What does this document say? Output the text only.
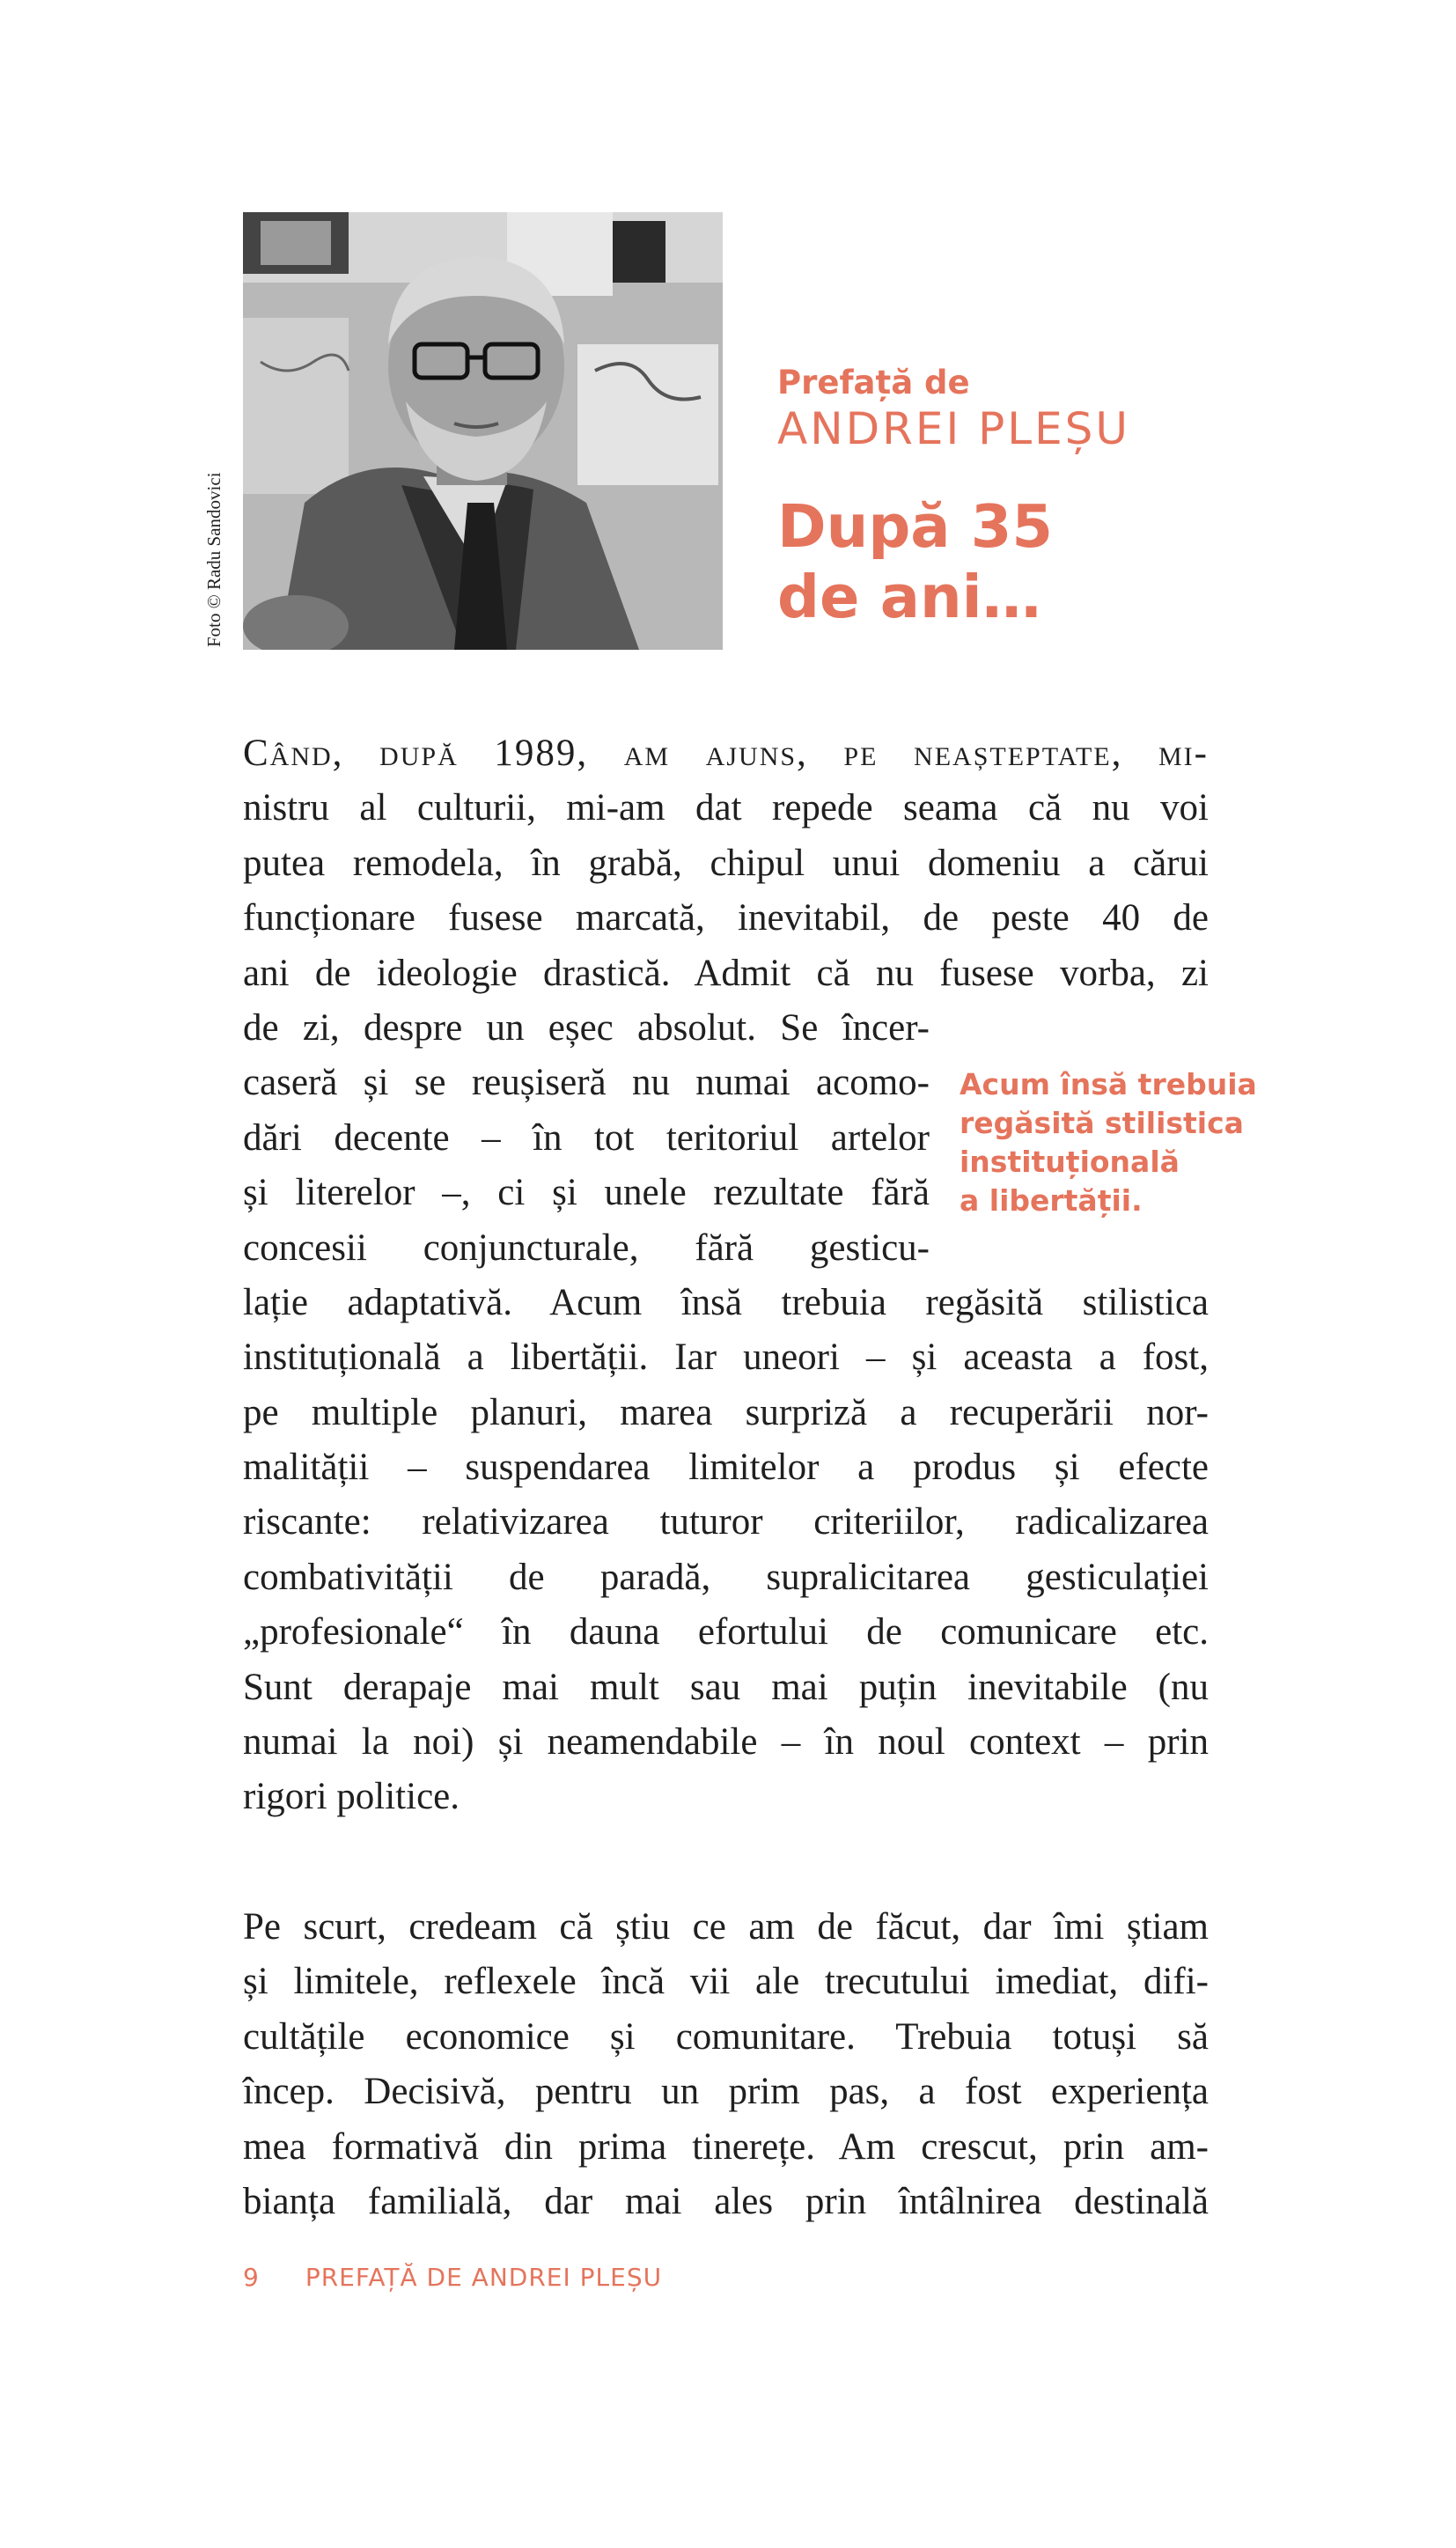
Foto © Radu Sandovici
Prefață de
ANDREI PLEȘU
După 35
de ani…
Când, după 1989, am ajuns, pe neașteptate, mi-
nistru al culturii, mi-am dat repede seama că nu voi
putea remodela, în grabă, chipul unui domeniu a cărui
funcționare fusese marcată, inevitabil, de peste 40 de
ani de ideologie drastică. Admit că nu fusese vorba, zi
de zi, despre un eșec absolut. Se încer-
caseră și se reușiseră nu numai acomo-
dări decente – în tot teritoriul artelor
și literelor –, ci și unele rezultate fără
concesii conjuncturale, fără gesticu-
lație adaptativă. Acum însă trebuia regăsită stilistica
instituțională a libertății. Iar uneori – și aceasta a fost,
pe multiple planuri, marea surpriză a recuperării nor-
malității – suspendarea limitelor a produs și efecte
riscante: relativizarea tuturor criteriilor, radicalizarea
combativității de paradă, supralicitarea gesticulației
„profesionale“ în dauna efortului de comunicare etc.
Sunt derapaje mai mult sau mai puțin inevitabile (nu
numai la noi) și neamendabile – în noul context – prin
rigori politice.
Acum însă trebuia
regăsită stilistica
instituțională
a libertății.
Pe scurt, credeam că știu ce am de făcut, dar îmi știam
și limitele, reflexele încă vii ale trecutului imediat, difi-
cultățile economice și comunitare. Trebuia totuși să
încep. Decisivă, pentru un prim pas, a fost experiența
mea formativă din prima tinerețe. Am crescut, prin am-
bianța familială, dar mai ales prin întâlnirea destinală
9 PREFAȚĂ DE ANDREI PLEȘU
